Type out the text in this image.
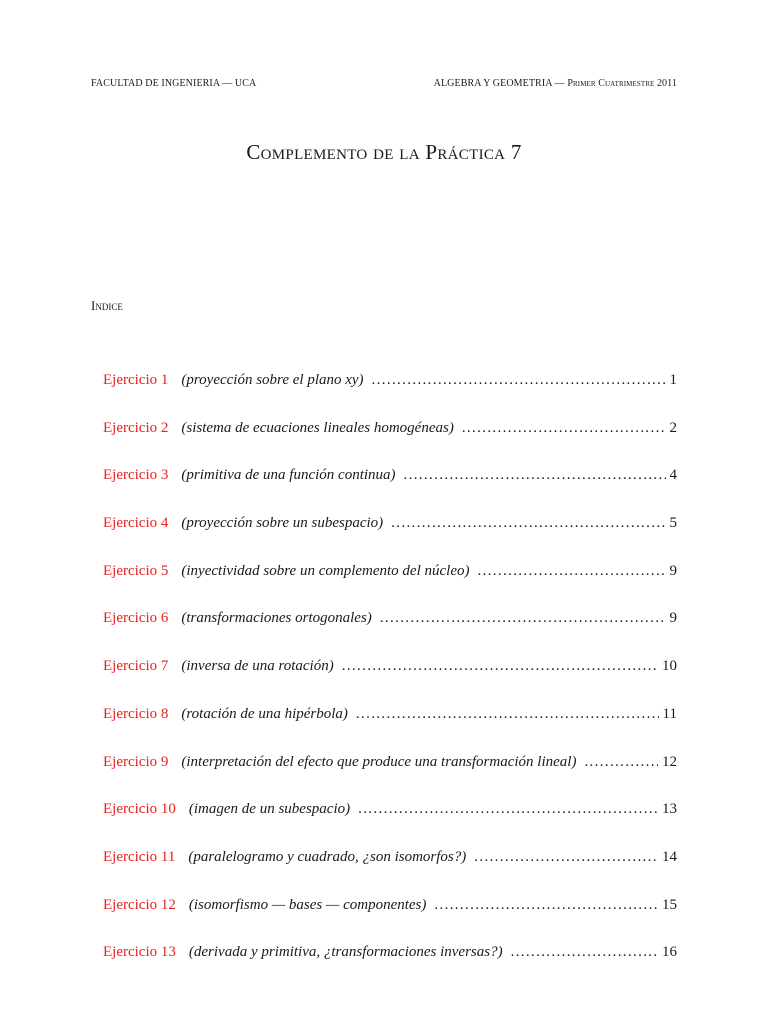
FACULTAD DE INGENIERIA — UCA	ALGEBRA Y GEOMETRIA — Primer Cuatrimestre 2011
Complemento de la Práctica 7
Indice
Ejercicio 1 (proyección sobre el plano xy) . . .	1
Ejercicio 2 (sistema de ecuaciones lineales homogéneas) . . .	2
Ejercicio 3 (primitiva de una función continua) . . .	4
Ejercicio 4 (proyección sobre un subespacio) . . .	5
Ejercicio 5 (inyectividad sobre un complemento del núcleo) . . .	9
Ejercicio 6 (transformaciones ortogonales) . . .	9
Ejercicio 7 (inversa de una rotación) . . .	10
Ejercicio 8 (rotación de una hipérbola) . . .	11
Ejercicio 9 (interpretación del efecto que produce una transformación lineal) . . .	12
Ejercicio 10 (imagen de un subespacio) . . .	13
Ejercicio 11 (paralelogramo y cuadrado, ¿son isomorfos?) . . .	14
Ejercicio 12 (isomorfismo — bases — componentes) . . .	15
Ejercicio 13 (derivada y primitiva, ¿transformaciones inversas?) . . .	16
